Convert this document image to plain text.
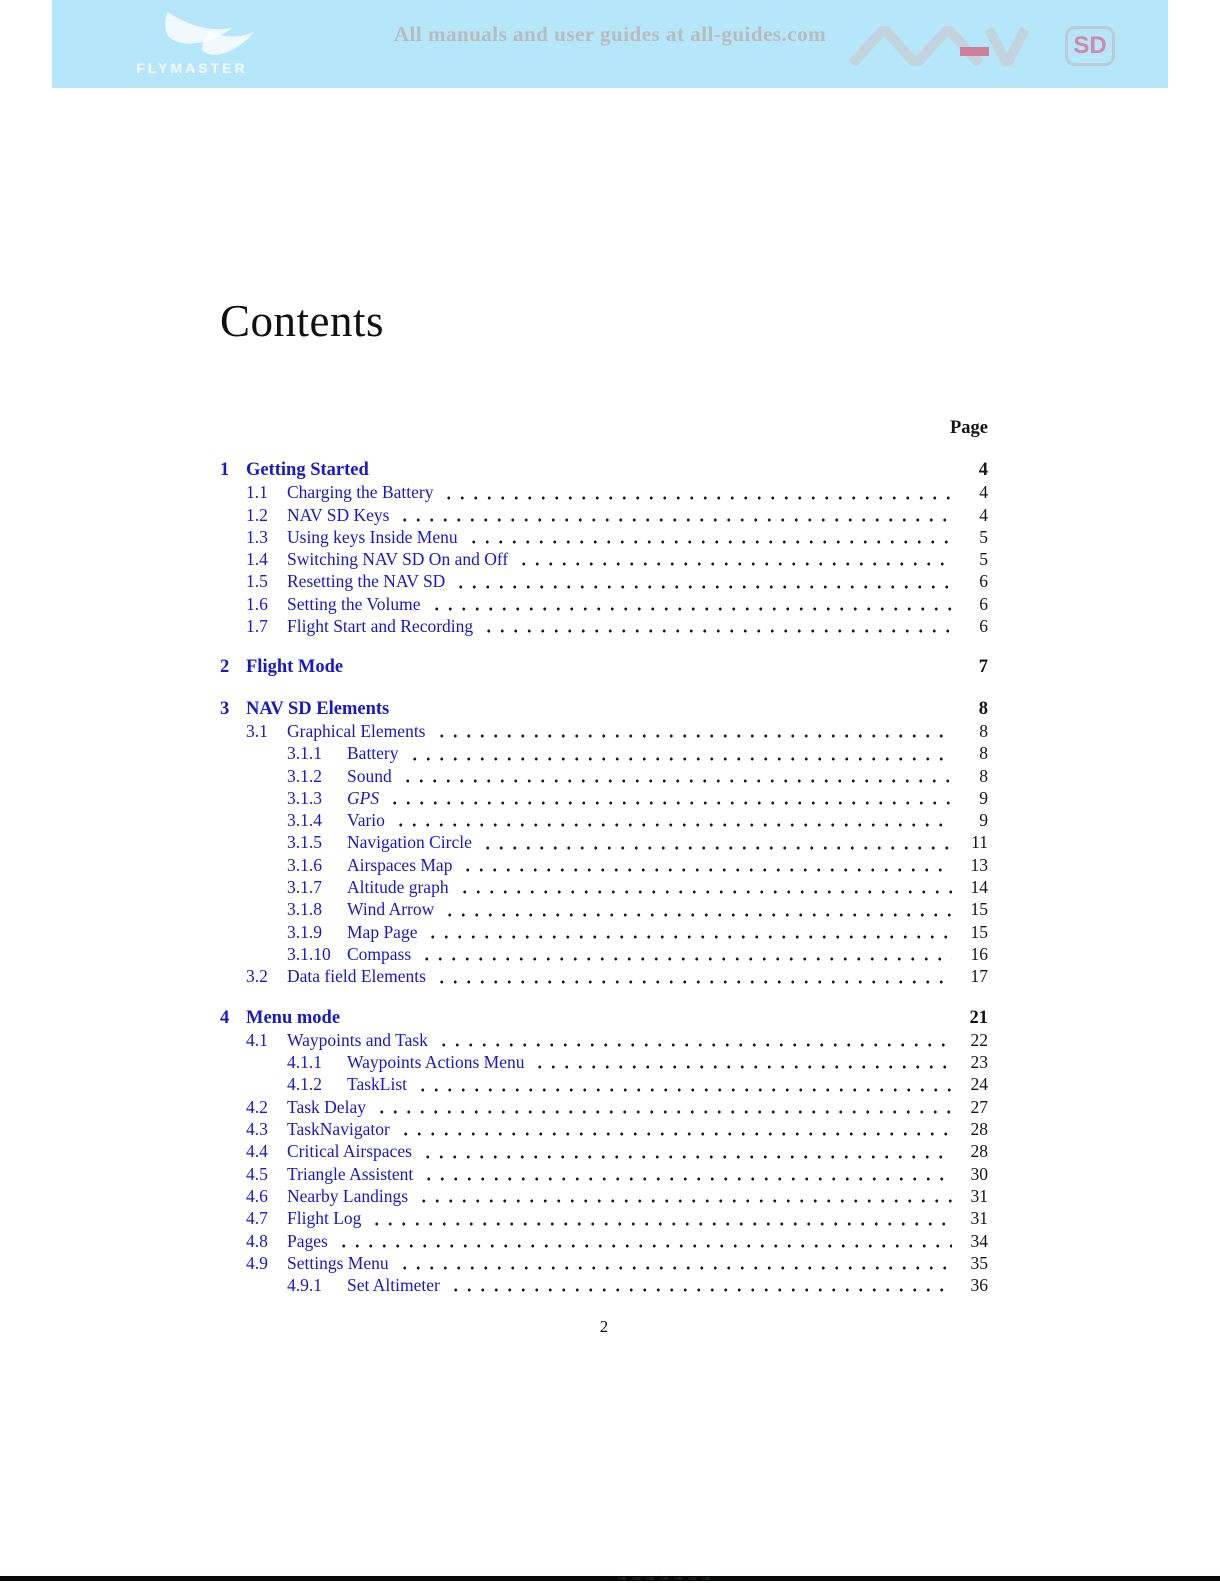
FLYMASTER
All manuals and user guides at all-guides.com	SD
Contents
Page
1 Getting Started	4
1.1	Charging the Battery	4
1.2	NAV SD Keys	4
1.3	Using keys Inside Menu	5
1.4	Switching NAV SD On and Off	5
1.5	Resetting the NAV SD	6
1.6	Setting the Volume	6
1.7	Flight Start and Recording	6
2 Flight Mode	7
3 NAV SD Elements	8
3.1	Graphical Elements	8
3.1.1	Battery	8
3.1.2	Sound	8
3.1.3	GPS	9
3.1.4	Vario	9
3.1.5	Navigation Circle	11
3.1.6	Airspaces Map	13
3.1.7	Altitude graph	14
3.1.8	Wind Arrow	15
3.1.9	Map Page	15
3.1.10 Compass	16
3.2	Data field Elements	17
4 Menu mode	21
4.1	Waypoints and Task	22
4.1.1	Waypoints Actions Menu	23
4.1.2	TaskList	24
4.2	Task Delay	27
4.3	TaskNavigator	28
4.4	Critical Airspaces	28
4.5	Triangle Assistent	30
4.6	Nearby Landings	31
4.7	Flight Log	31
4.8	Pages	34
4.9	Settings Menu	35
4.9.1	Set Altimeter	36
2
